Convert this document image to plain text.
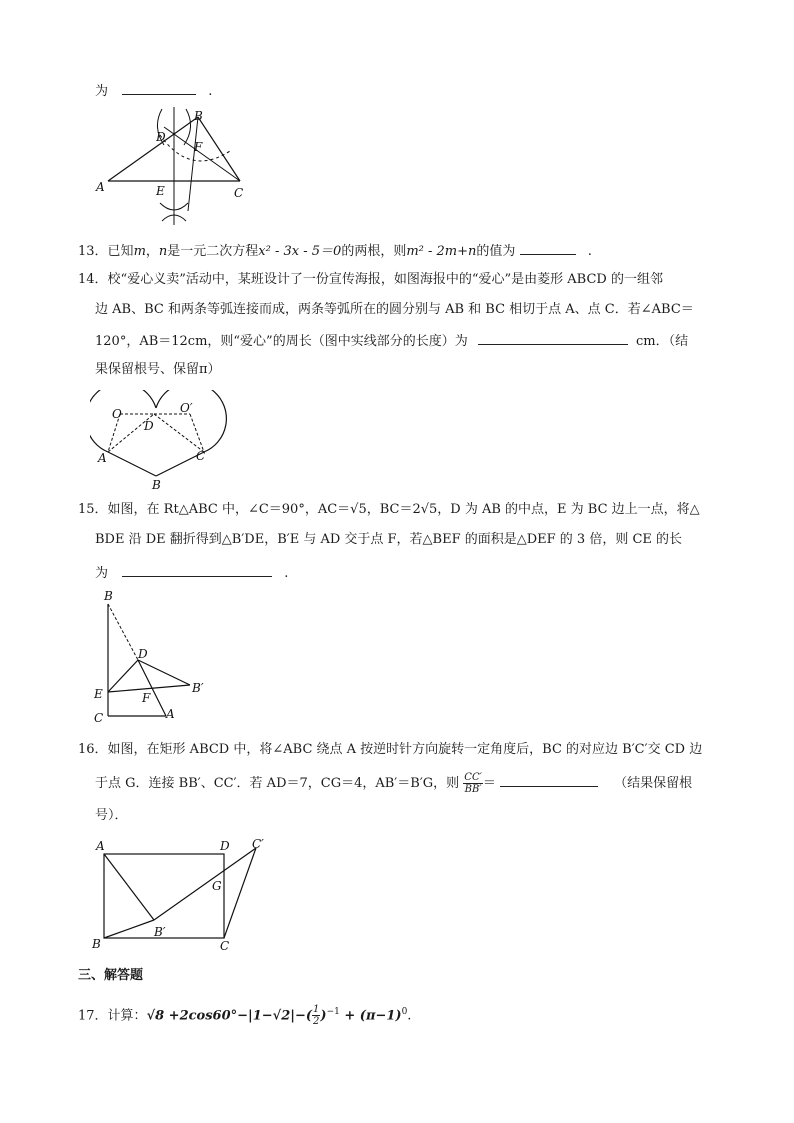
为	.
B
D
F
A	E	C
13．已知m，n是一元二次方程x² - 3x - 5＝0的两根，则m² - 2m+n的值为	.
14．校“爱心义卖”活动中，某班设计了一份宣传海报，如图海报中的“爱心”是由菱形 ABCD 的一组邻
边 AB、BC 和两条等弧连接而成，两条等弧所在的圆分别与 AB 和 BC 相切于点 A、点 C．若∠ABC＝
120°，AB＝12cm，则“爱心”的周长（图中实线部分的长度）为	cm．（结
果保留根号、保留π）
O	O′
D
A	C
B
15．如图，在 Rt△ABC 中，∠C＝90°，AC＝√5，BC＝2√5，D 为 AB 的中点，E 为 BC 边上一点，将△
BDE 沿 DE 翻折得到△B′DE，B′E 与 AD 交于点 F，若△BEF 的面积是△DEF 的 3 倍，则 CE 的长
为	.
B
D
B′
E	F
C	A
16．如图，在矩形 ABCD 中，将∠ABC 绕点 A 按逆时针方向旋转一定角度后，BC 的对应边 B′C′交 CD 边
于点 G．连接 BB′、CC′．若 AD＝7，CG＝4，AB′＝B′G，则 $\frac{CC'}{BB'}$ ＝	（结果保留根
号）．
A	D C′
G
B′
B	C
三、解答题
17．计算：$√8 +2\cos 60^\circ-|1-√2|-( \frac{1}{2} )^{-1} + (\pi-1)^0$.
